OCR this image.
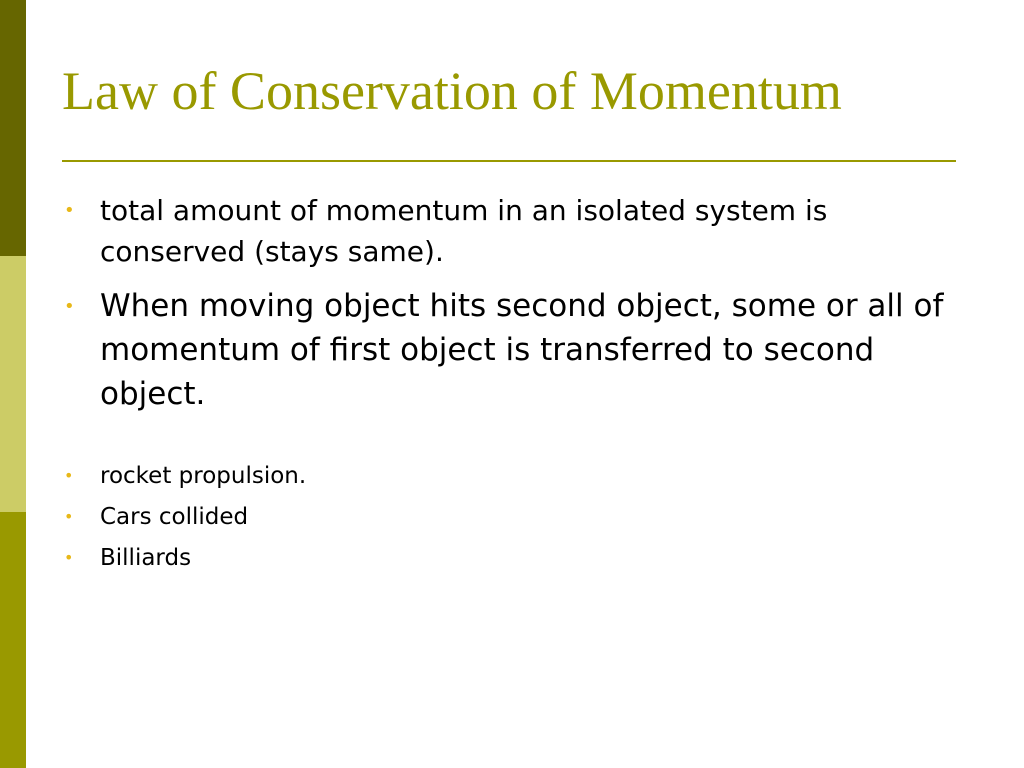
Law of Conservation of Momentum
• total amount of momentum in an isolated system is conserved (stays same).
• When moving object hits second object, some or all of momentum of first object is transferred to second object.
• rocket propulsion.
• Cars collided
• Billiards
